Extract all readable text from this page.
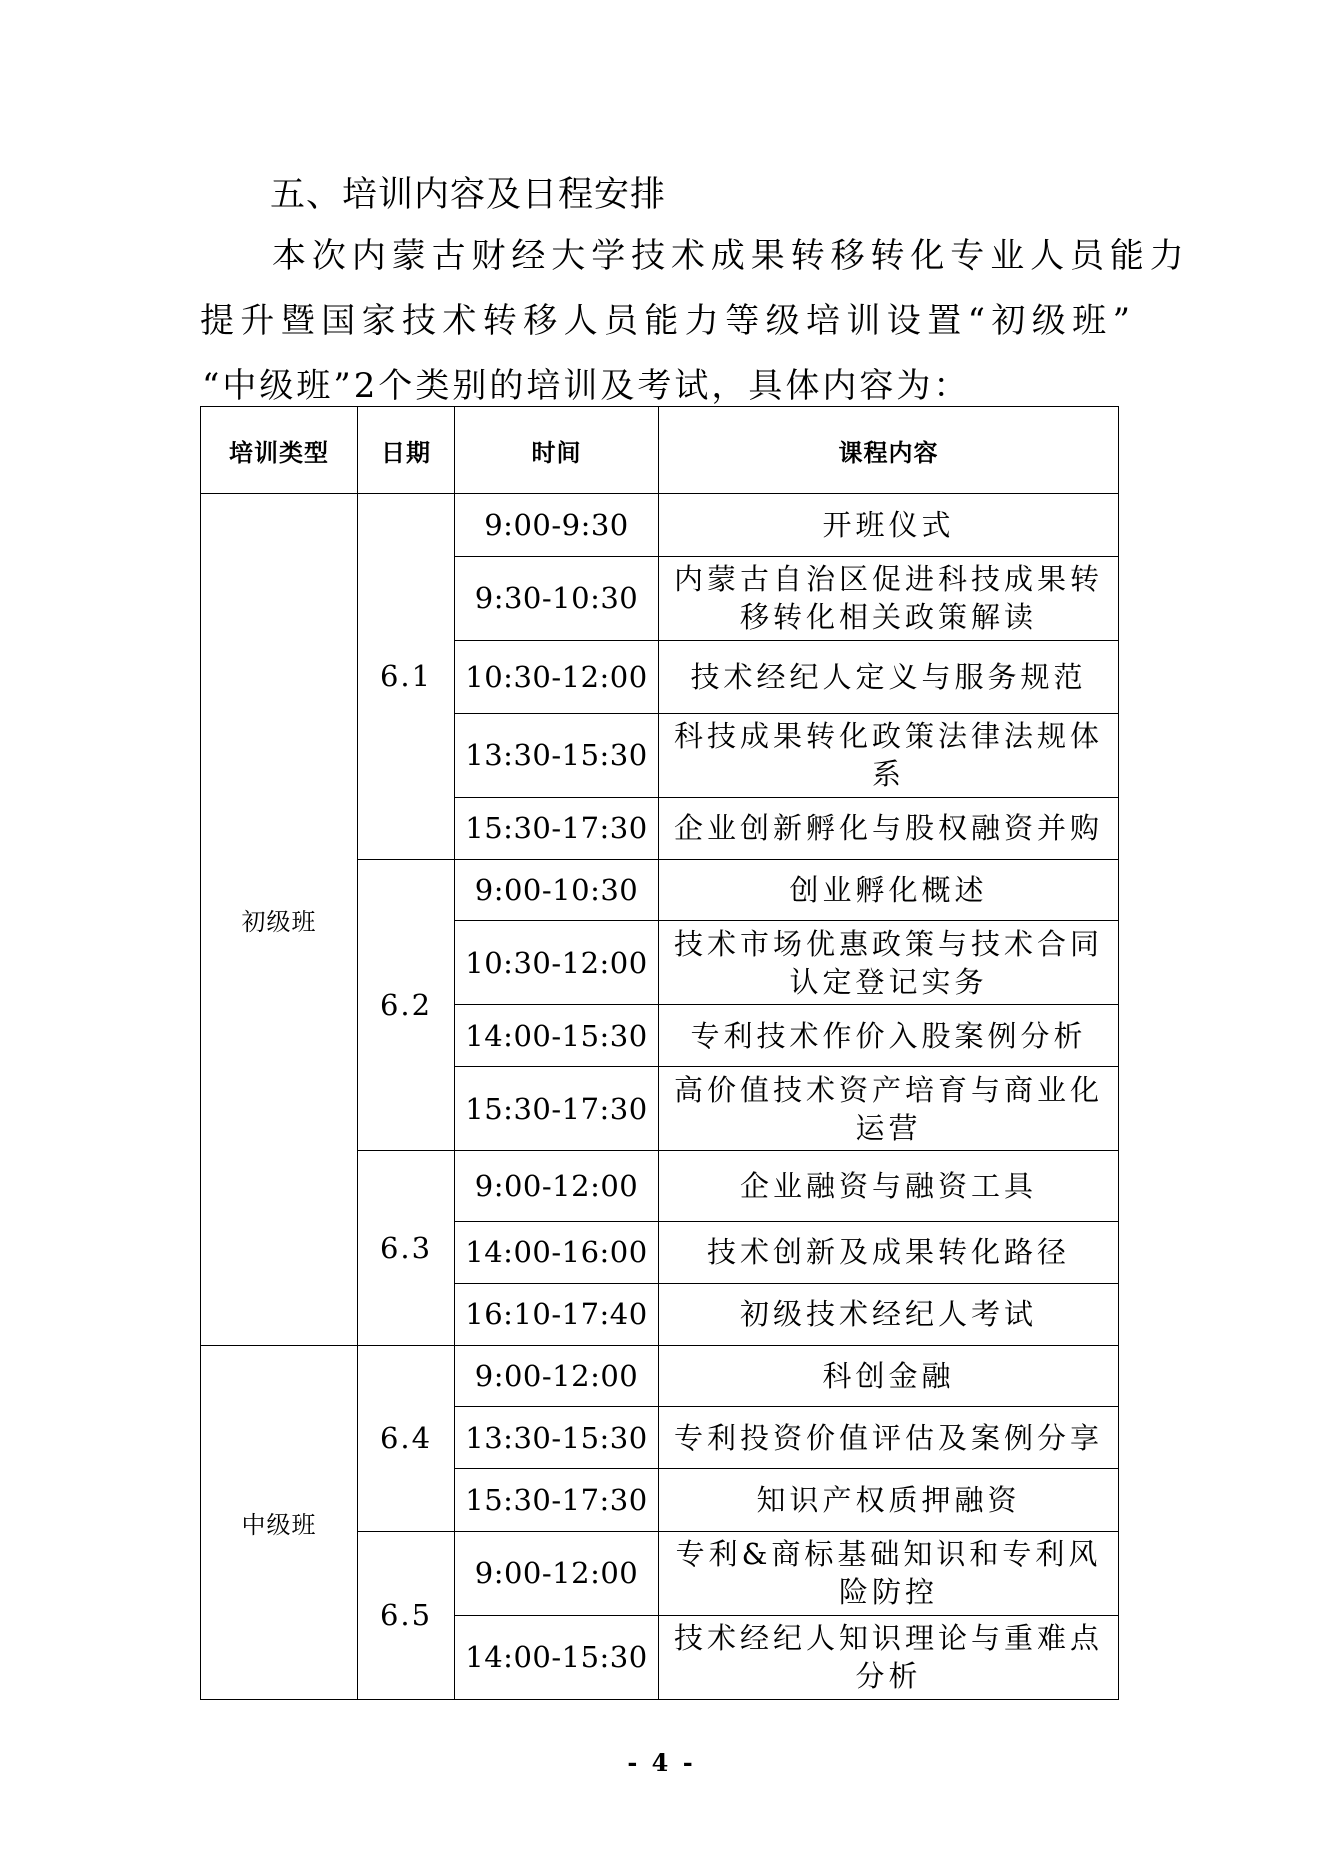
五、培训内容及日程安排
本次内蒙古财经大学技术成果转移转化专业人员能力
提升暨国家技术转移人员能力等级培训设置“初级班”
“中级班”2个类别的培训及考试，具体内容为：
培训类型	日期	时间	课程内容
初级班	6.1	9:00-9:30	开班仪式
		9:30-10:30	内蒙古自治区促进科技成果转移转化相关政策解读
		10:30-12:00	技术经纪人定义与服务规范
		13:30-15:30	科技成果转化政策法律法规体系
		15:30-17:30	企业创新孵化与股权融资并购
	6.2	9:00-10:30	创业孵化概述
		10:30-12:00	技术市场优惠政策与技术合同认定登记实务
		14:00-15:30	专利技术作价入股案例分析
		15:30-17:30	高价值技术资产培育与商业化运营
	6.3	9:00-12:00	企业融资与融资工具
		14:00-16:00	技术创新及成果转化路径
		16:10-17:40	初级技术经纪人考试
中级班	6.4	9:00-12:00	科创金融
		13:30-15:30	专利投资价值评估及案例分享
		15:30-17:30	知识产权质押融资
	6.5	9:00-12:00	专利&商标基础知识和专利风险防控
		14:00-15:30	技术经纪人知识理论与重难点分析
- 4 -
